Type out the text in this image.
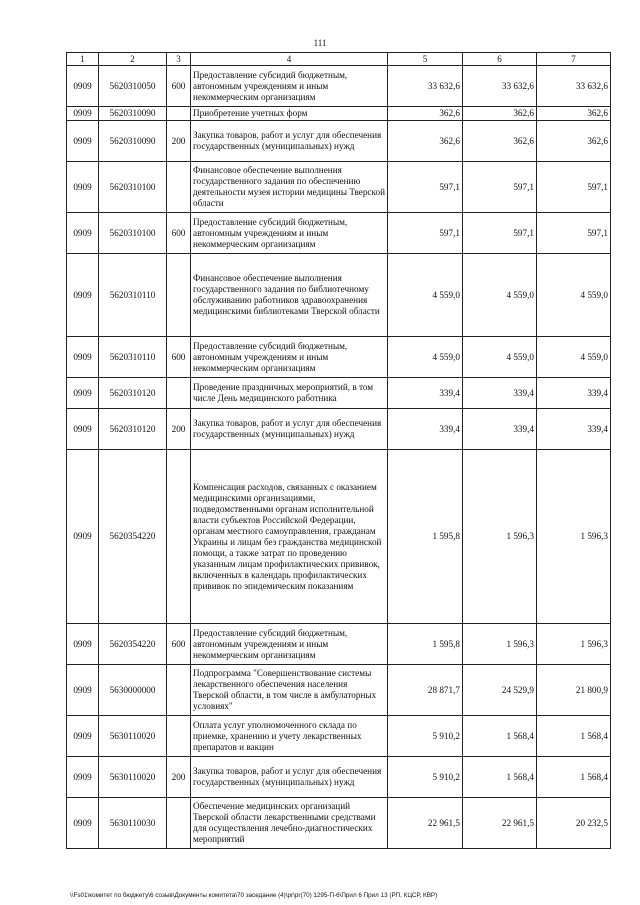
111
1	2	3	4	5	6	7
0909	5620310050	600	Предоставление субсидий бюджетным, автономным учреждениям и иным некоммерческим организациям	33 632,6	33 632,6	33 632,6
0909	5620310090		Приобретение учетных форм	362,6	362,6	362,6
0909	5620310090	200	Закупка товаров, работ и услуг для обеспечения государственных (муниципальных) нужд	362,6	362,6	362,6
0909	5620310100		Финансовое обеспечение выполнения государственного задания по обеспечению деятельности музея истории медицины Тверской области	597,1	597,1	597,1
0909	5620310100	600	Предоставление субсидий бюджетным, автономным учреждениям и иным некоммерческим организациям	597,1	597,1	597,1
0909	5620310110		Финансовое обеспечение выполнения государственного задания по библиотечному обслуживанию работников здравоохранения медицинскими библиотеками Тверской области	4 559,0	4 559,0	4 559,0
0909	5620310110	600	Предоставление субсидий бюджетным, автономным учреждениям и иным некоммерческим организациям	4 559,0	4 559,0	4 559,0
0909	5620310120		Проведение праздничных мероприятий, в том числе День медицинского работника	339,4	339,4	339,4
0909	5620310120	200	Закупка товаров, работ и услуг для обеспечения государственных (муниципальных) нужд	339,4	339,4	339,4
0909	5620354220		Компенсация расходов, связанных с оказанием медицинскими организациями, подведомственными органам исполнительной власти субъектов Российской Федерации, органам местного самоуправления, гражданам Украины и лицам без гражданства медицинской помощи, а также затрат по проведению указанным лицам профилактических прививок, включенных в календарь профилактических прививок по эпидемическим показаниям	1 595,8	1 596,3	1 596,3
0909	5620354220	600	Предоставление субсидий бюджетным, автономным учреждениям и иным некоммерческим организациям	1 595,8	1 596,3	1 596,3
0909	5630000000		Подпрограмма "Совершенствование системы лекарственного обеспечения населения Тверской области, в том числе в амбулаторных условиях"	28 871,7	24 529,9	21 800,9
0909	5630110020		Оплата услуг уполномоченного склада по приемке, хранению и учету лекарственных препаратов и вакцин	5 910,2	1 568,4	1 568,4
0909	5630110020	200	Закупка товаров, работ и услуг для обеспечения государственных (муниципальных) нужд	5 910,2	1 568,4	1 568,4
0909	5630110030		Обеспечение медицинских организаций Тверской области лекарственными средствами для осуществления лечебно-диагностических мероприятий	22 961,5	22 961,5	20 232,5
\\Fs01\комитет по бюджету\6 созыв\Документы комитета\70 заседание (4)\pr\pr(70) 1295-П-6\Прил 6 Прил 13 (РП, КЦСР, КВР)
